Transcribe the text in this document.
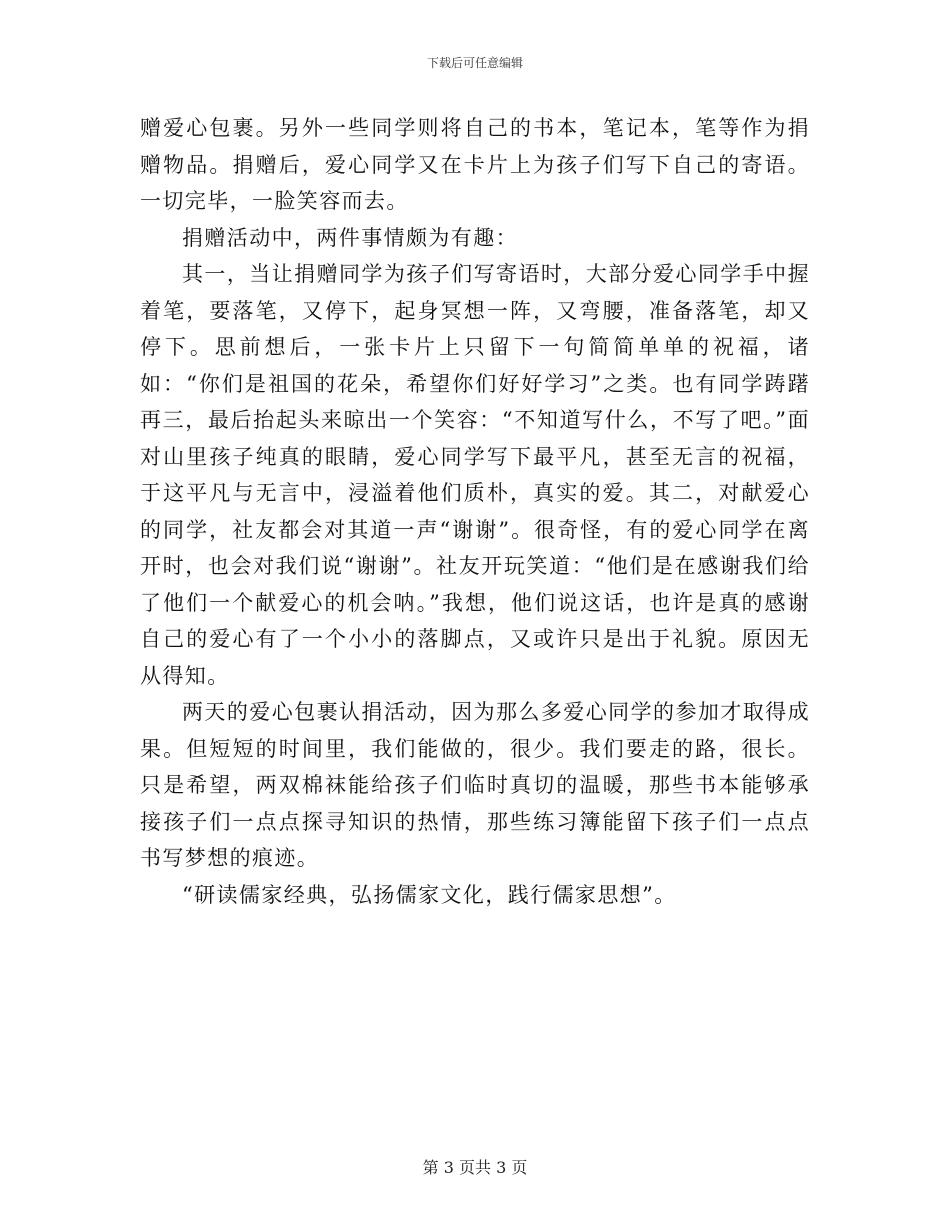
下载后可任意编辑

赠爱心包裹。另外一些同学则将自己的书本，笔记本，笔等作为捐赠物品。捐赠后，爱心同学又在卡片上为孩子们写下自己的寄语。一切完毕，一脸笑容而去。

捐赠活动中，两件事情颇为有趣：

其一，当让捐赠同学为孩子们写寄语时，大部分爱心同学手中握着笔，要落笔，又停下，起身冥想一阵，又弯腰，准备落笔，却又停下。思前想后，一张卡片上只留下一句简简单单的祝福，诸如：“你们是祖国的花朵，希望你们好好学习”之类。也有同学踌躇再三，最后抬起头来晾出一个笑容：“不知道写什么，不写了吧。”面对山里孩子纯真的眼睛，爱心同学写下最平凡，甚至无言的祝福，于这平凡与无言中，浸溢着他们质朴，真实的爱。其二，对献爱心的同学，社友都会对其道一声“谢谢”。很奇怪，有的爱心同学在离开时，也会对我们说“谢谢”。社友开玩笑道：“他们是在感谢我们给了他们一个献爱心的机会呐。”我想，他们说这话，也许是真的感谢自己的爱心有了一个小小的落脚点，又或许只是出于礼貌。原因无从得知。

两天的爱心包裹认捐活动，因为那么多爱心同学的参加才取得成果。但短短的时间里，我们能做的，很少。我们要走的路，很长。只是希望，两双棉袜能给孩子们临时真切的温暖，那些书本能够承接孩子们一点点探寻知识的热情，那些练习簿能留下孩子们一点点书写梦想的痕迹。

“研读儒家经典，弘扬儒家文化，践行儒家思想”。

第 3 页共 3 页
